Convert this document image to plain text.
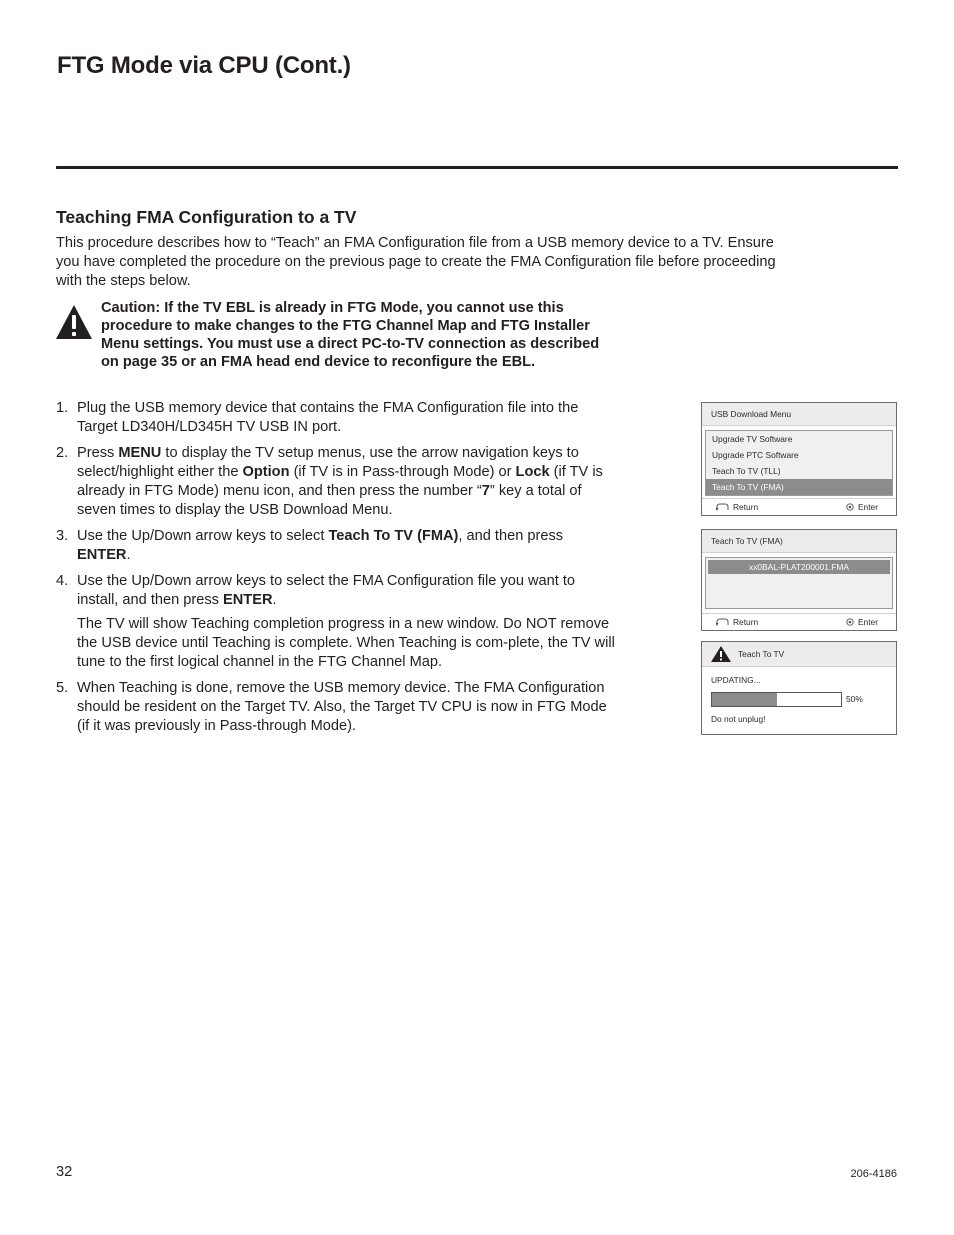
FTG Mode via CPU (Cont.)
Teaching FMA Configuration to a TV

This procedure describes how to “Teach” an FMA Configuration file from a USB memory device to a TV. Ensure you have completed the procedure on the previous page to create the FMA Configuration file before proceeding with the steps below.

Caution: If the TV EBL is already in FTG Mode, you cannot use this procedure to make changes to the FTG Channel Map and FTG Installer Menu settings. You must use a direct PC-to-TV connection as described on page 35 or an FMA head end device to reconfigure the EBL.

1. Plug the USB memory device that contains the FMA Configuration file into the Target LD340H/LD345H TV USB IN port.
2. Press MENU to display the TV setup menus, use the arrow navigation keys to select/highlight either the Option (if TV is in Pass-through Mode) or Lock (if TV is already in FTG Mode) menu icon, and then press the number “7” key a total of seven times to display the USB Download Menu.
3. Use the Up/Down arrow keys to select Teach To TV (FMA), and then press ENTER.
4. Use the Up/Down arrow keys to select the FMA Configuration file you want to install, and then press ENTER.

The TV will show Teaching completion progress in a new window. Do NOT remove the USB device until Teaching is complete. When Teaching is com-plete, the TV will tune to the first logical channel in the FTG Channel Map.

5. When Teaching is done, remove the USB memory device. The FMA Configuration should be resident on the Target TV. Also, the Target TV CPU is now in FTG Mode (if it was previously in Pass-through Mode).
USB Download Menu
Upgrade TV Software
Upgrade PTC Software
Teach To TV (TLL)
Teach To TV (FMA)
Return	Enter
Teach To TV (FMA)
xx0BAL-PLAT200001.FMA
Return	Enter
Teach To TV
UPDATING...
50%
Do not unplug!
32	206-4186
